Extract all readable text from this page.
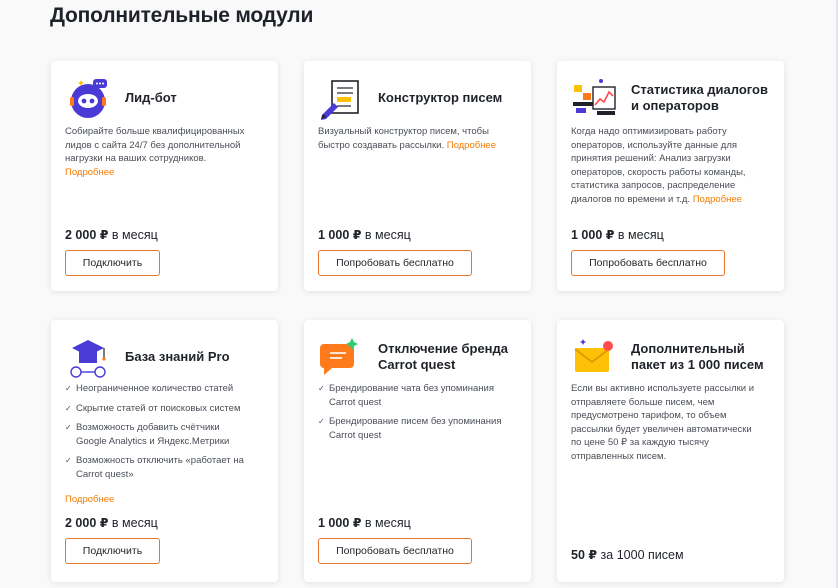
Дополнительные модули
Лид-бот
Собирайте больше квалифицированных лидов с сайта 24/7 без дополнительной нагрузки на ваших сотрудников.
Подробнее
2 000 ₽ в месяц
Подключить
Конструктор писем
Визуальный конструктор писем, чтобы быстро создавать рассылки. Подробнее
1 000 ₽ в месяц
Попробовать бесплатно
Статистика диалогов
и операторов
Когда надо оптимизировать работу операторов, используйте данные для принятия решений: Анализ загрузки операторов, скорость работы команды, статистика запросов, распределение диалогов по времени и т.д. Подробнее
1 000 ₽ в месяц
Попробовать бесплатно
База знаний Pro
✓ Неограниченное количество статей
✓ Скрытие статей от поисковых систем
✓ Возможность добавить счётчики Google Analytics и Яндекс.Метрики
✓ Возможность отключить «работает на Carrot quest»
Подробнее
2 000 ₽ в месяц
Подключить
Отключение бренда
Carrot quest
✓ Брендирование чата без упоминания Carrot quest
✓ Брендирование писем без упоминания Carrot quest
1 000 ₽ в месяц
Попробовать бесплатно
Дополнительный
пакет из 1 000 писем
Если вы активно используете рассылки и отправляете больше писем, чем предусмотрено тарифом, то объем рассылки будет увеличен автоматически по цене 50 ₽ за каждую тысячу отправленных писем.
50 ₽ за 1000 писем
